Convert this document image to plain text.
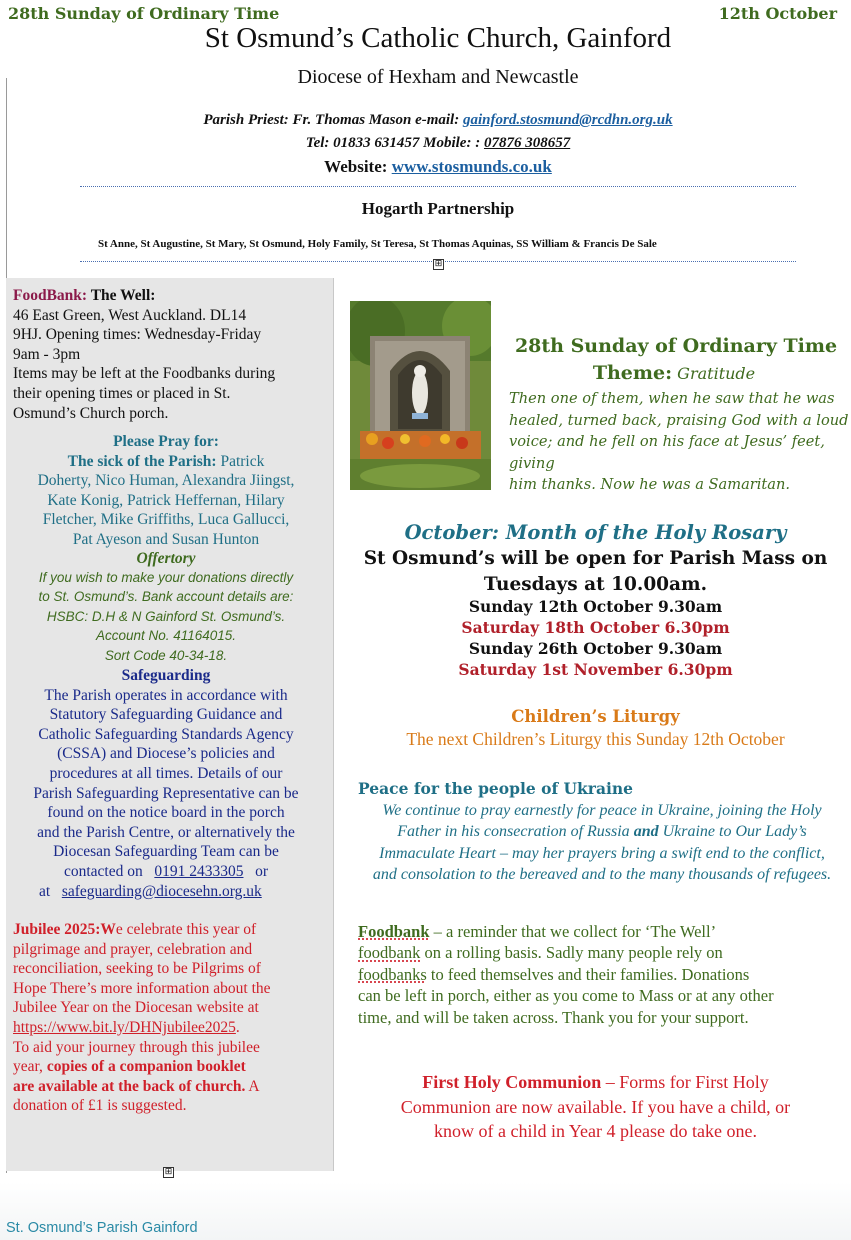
28th Sunday of Ordinary Time	12th October
St Osmund’s Catholic Church, Gainford
Diocese of Hexham and Newcastle
Parish Priest: Fr. Thomas Mason e-mail: gainford.stosmund@rcdhn.org.uk
Tel: 01833 631457 Mobile: : 07876 308657
Website: www.stosmunds.co.uk
Hogarth Partnership
St Anne, St Augustine, St Mary, St Osmund, Holy Family, St Teresa, St Thomas Aquinas, SS William & Francis De Sale
⊞

FoodBank: The Well:

46 East Green, West Auckland. DL14

9HJ. Opening times: Wednesday-Friday

9am - 3pm

Items may be left at the Foodbanks during

their opening times or placed in St.

Osmund’s Church porch.

Please Pray for:

The sick of the Parish: Patrick

Doherty, Nico Human, Alexandra Jiingst,

Kate Konig, Patrick Heffernan, Hilary

Fletcher, Mike Griffiths, Luca Gallucci,

Pat Ayeson and Susan Hunton

Offertory

If you wish to make your donations directly

to St. Osmund’s. Bank account details are:

HSBC: D.H & N Gainford St. Osmund’s.

Account No. 41164015.

Sort Code 40-34-18.

Safeguarding

The Parish operates in accordance with

Statutory Safeguarding Guidance and

Catholic Safeguarding Standards Agency

(CSSA) and Diocese’s policies and

procedures at all times. Details of our

Parish Safeguarding Representative can be

found on the notice board in the porch

and the Parish Centre, or alternatively the

Diocesan Safeguarding Team can be

contacted on 0191 2433305 or

at safeguarding@diocesehn.org.uk

Jubilee 2025:We celebrate this year of

pilgrimage and prayer, celebration and

reconciliation, seeking to be Pilgrims of

Hope There’s more information about the

Jubilee Year on the Diocesan website at

https://www.bit.ly/DHNjubilee2025.

To aid your journey through this jubilee

year, copies of a companion booklet

are available at the back of church. A

donation of £1 is suggested.

⊞
28th Sunday of Ordinary Time
Theme: Gratitude

Then one of them, when he saw that he was

healed, turned back, praising God with a loud

voice; and he fell on his face at Jesus’ feet, giving

him thanks. Now he was a Samaritan.

October: Month of the Holy Rosary

St Osmund’s will be open for Parish Mass on

Tuesdays at 10.00am.

Sunday 12th October 9.30am

Saturday 18th October 6.30pm

Sunday 26th October 9.30am

Saturday 1st November 6.30pm

Children’s Liturgy
The next Children’s Liturgy this Sunday 12th October
Peace for the people of Ukraine

We continue to pray earnestly for peace in Ukraine, joining the Holy

Father in his consecration of Russia and Ukraine to Our Lady’s

Immaculate Heart – may her prayers bring a swift end to the conflict,

and consolation to the bereaved and to the many thousands of refugees.

Foodbank – a reminder that we collect for ‘The Well’

foodbank on a rolling basis. Sadly many people rely on

foodbanks to feed themselves and their families. Donations

can be left in porch, either as you come to Mass or at any other

time, and will be taken across. Thank you for your support.

First Holy Communion – Forms for First Holy

Communion are now available. If you have a child, or

know of a child in Year 4 please do take one.

St. Osmund’s Parish Gainford
